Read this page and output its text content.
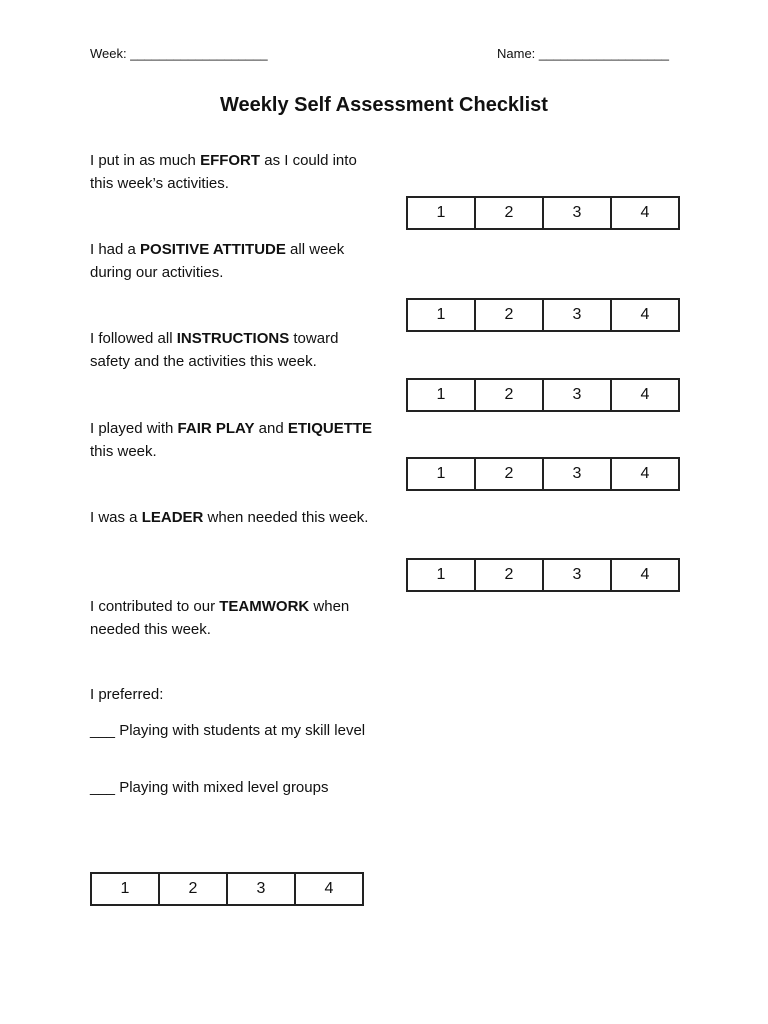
Week: ___________________	Name: __________________
Weekly Self Assessment Checklist
I put in as much EFFORT as I could into this week’s activities.
1	2	3	4
I had a POSITIVE ATTITUDE all week during our activities.
1	2	3	4
I followed all INSTRUCTIONS toward safety and the activities this week.
1	2	3	4
I played with FAIR PLAY and ETIQUETTE this week.
1	2	3	4
I was a LEADER when needed this week.
1	2	3	4
I contributed to our TEAMWORK when needed this week.
I preferred:
___ Playing with students at my skill level
___ Playing with mixed level groups
1	2	3	4
